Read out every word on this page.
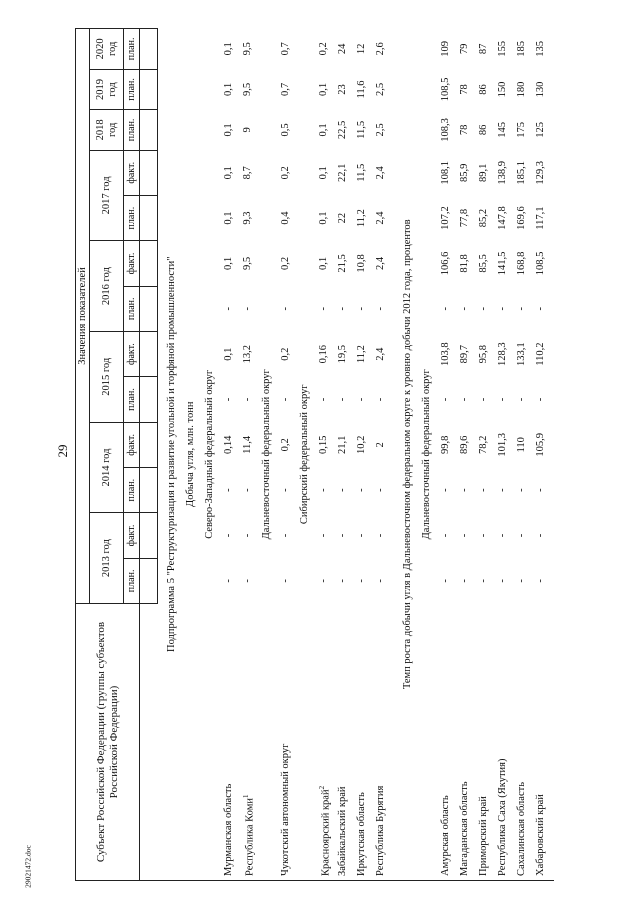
29
29021472.doc
Субъект Российской Федерации (группы субъектов Российской Федерации)	Значения показателей												
	2013 год		2014 год		2015 год		2016 год		2017 год		2018 год	2019 год	2020 год
	план.	факт.	план.	факт.	план.	факт.	план.	факт.	план.	факт.	план.	план.	план.

Подпрограмма 5 "Реструктуризация и развитие угольной и торфяной промышленности"													
Добыча угля, млн. тонн													
Северо-Западный федеральный округ													
Мурманская область	-	-	-	0,14	-	0,1	-	0,1	0,1	0,1	0,1	0,1	0,1
Республика Коми$^1$	-	-	-	11,4	-	13,2	-	9,5	9,3	8,7	9	9,5	9,5
Дальневосточный федеральный округ													
Чукотский автономный округ	-	-	-	0,2	-	0,2	-	0,2	0,4	0,2	0,5	0,7	0,7
Сибирский федеральный округ													
Красноярский край$^2$	-	-	-	0,15	-	0,16	-	0,1	0,1	0,1	0,1	0,1	0,2
Забайкальский край	-	-	-	21,1	-	19,5	-	21,5	22	22,1	22,5	23	24
Иркутская область	-	-	-	10,2	-	11,2	-	10,8	11,2	11,5	11,5	11,6	12
Республика Бурятия	-	-	-	2	-	2,4	-	2,4	2,4	2,4	2,5	2,5	2,6

Темп роста добычи угля в Дальневосточном федеральном округе к уровню добычи 2012 года, процентов													
Дальневосточный федеральный округ													
Амурская область	-	-	-	99,8	-	103,8	-	106,6	107,2	108,1	108,3	108,5	109
Магаданская область	-	-	-	89,6	-	89,7	-	81,8	77,8	85,9	78	78	79
Приморский край	-	-	-	78,2	-	95,8	-	85,5	85,2	89,1	86	86	87
Республика Саха (Якутия)	-	-	-	101,3	-	128,3	-	141,5	147,8	138,9	145	150	155
Сахалинская область	-	-	-	110	-	133,1	-	168,8	169,6	185,1	175	180	185
Хабаровский край	-	-	-	105,9	-	110,2	-	108,5	117,1	129,3	125	130	135
